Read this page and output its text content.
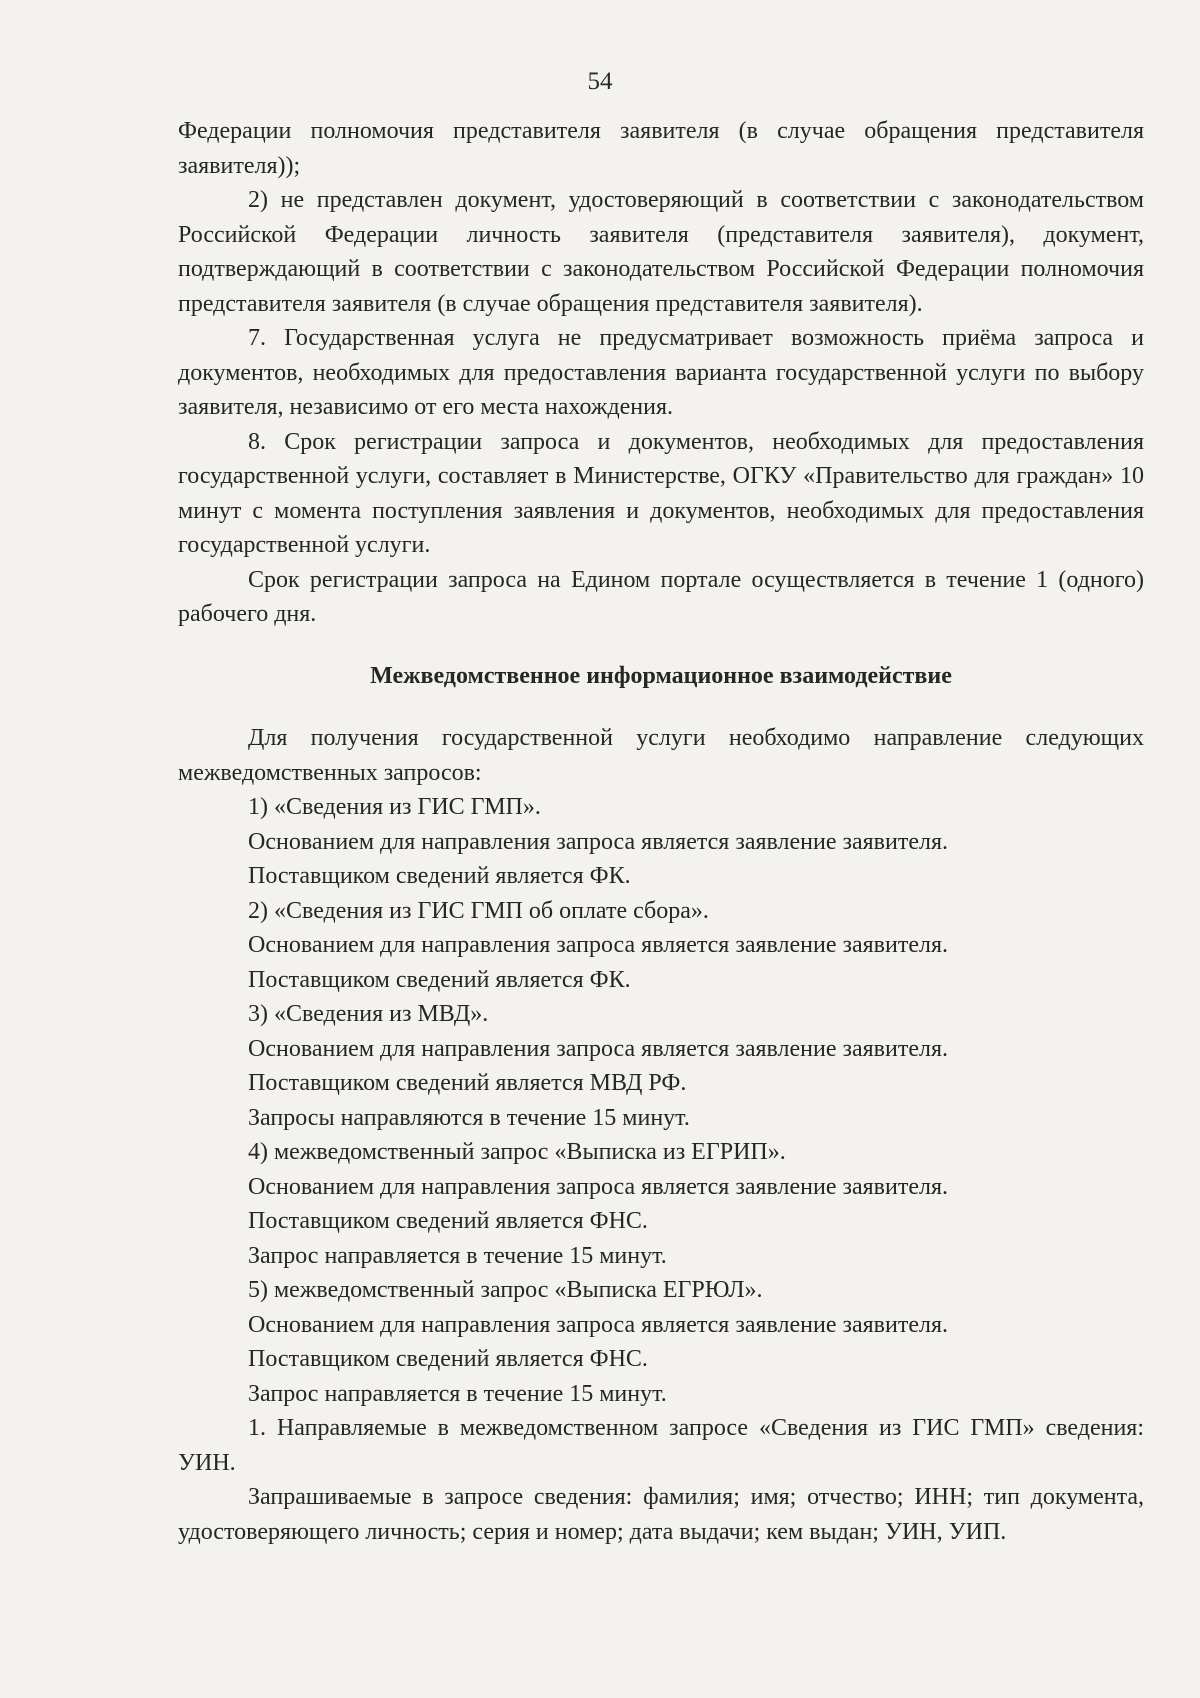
54

Федерации полномочия представителя заявителя (в случае обращения представителя заявителя));

2) не представлен документ, удостоверяющий в соответствии с законодательством Российской Федерации личность заявителя (представителя заявителя), документ, подтверждающий в соответствии с законодательством Российской Федерации полномочия представителя заявителя (в случае обращения представителя заявителя).

7. Государственная услуга не предусматривает возможность приёма запроса и документов, необходимых для предоставления варианта государственной услуги по выбору заявителя, независимо от его места нахождения.

8. Срок регистрации запроса и документов, необходимых для предоставления государственной услуги, составляет в Министерстве, ОГКУ «Правительство для граждан» 10 минут с момента поступления заявления и документов, необходимых для предоставления государственной услуги.

Срок регистрации запроса на Едином портале осуществляется в течение 1 (одного) рабочего дня.

Межведомственное информационное взаимодействие

Для получения государственной услуги необходимо направление следующих межведомственных запросов:

1) «Сведения из ГИС ГМП».

Основанием для направления запроса является заявление заявителя.

Поставщиком сведений является ФК.

2) «Сведения из ГИС ГМП об оплате сбора».

Основанием для направления запроса является заявление заявителя.

Поставщиком сведений является ФК.

3) «Сведения из МВД».

Основанием для направления запроса является заявление заявителя.

Поставщиком сведений является МВД РФ.

Запросы направляются в течение 15 минут.

4) межведомственный запрос «Выписка из ЕГРИП».

Основанием для направления запроса является заявление заявителя.

Поставщиком сведений является ФНС.

Запрос направляется в течение 15 минут.

5) межведомственный запрос «Выписка ЕГРЮЛ».

Основанием для направления запроса является заявление заявителя.

Поставщиком сведений является ФНС.

Запрос направляется в течение 15 минут.

1. Направляемые в межведомственном запросе «Сведения из ГИС ГМП» сведения: УИН.

Запрашиваемые в запросе сведения: фамилия; имя; отчество; ИНН; тип документа, удостоверяющего личность; серия и номер; дата выдачи; кем выдан; УИН, УИП.
